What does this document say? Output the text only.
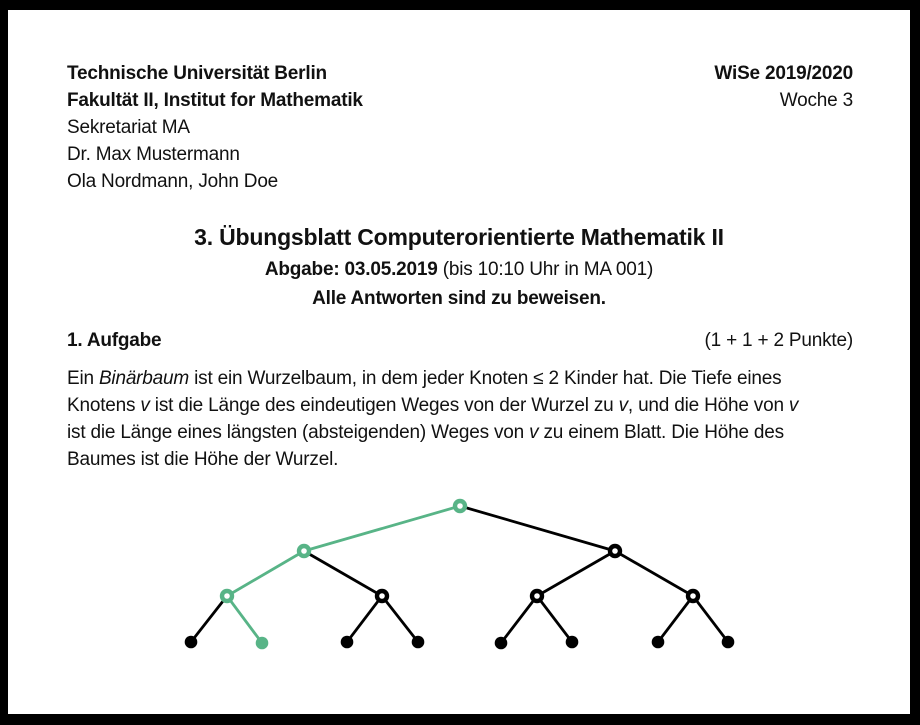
Technische Universität Berlin
Fakultät II, Institut for Mathematik
Sekretariat MA
Dr. Max Mustermann
Ola Nordmann, John Doe
WiSe 2019/2020
Woche 3
3. Übungsblatt Computerorientierte Mathematik II
Abgabe: 03.05.2019 (bis 10:10 Uhr in MA 001)
Alle Antworten sind zu beweisen.
1. Aufgabe	(1 + 1 + 2 Punkte)
Ein Binärbaum ist ein Wurzelbaum, in dem jeder Knoten ≤ 2 Kinder hat. Die Tiefe eines
Knotens v ist die Länge des eindeutigen Weges von der Wurzel zu v, und die Höhe von v
ist die Länge eines längsten (absteigenden) Weges von v zu einem Blatt. Die Höhe des
Baumes ist die Höhe der Wurzel.
